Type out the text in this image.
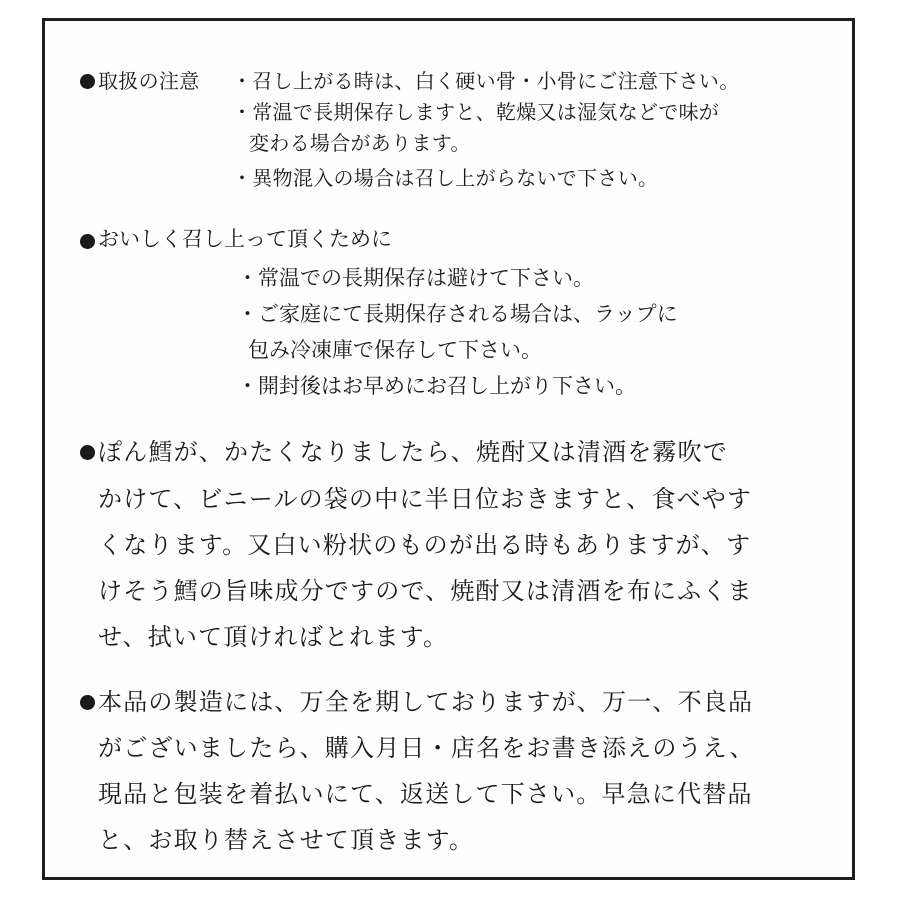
取扱の注意 ・召し上がる時は、白く硬い骨・小骨にご注意下さい。
・常温で長期保存しますと、乾燥又は湿気などで味が
変わる場合があります。
・異物混入の場合は召し上がらないで下さい。
おいしく召し上って頂くために
・常温での長期保存は避けて下さい。
・ご家庭にて長期保存される場合は、ラップに
包み冷凍庫で保存して下さい。
・開封後はお早めにお召し上がり下さい。
ぽん鱈が、かたくなりましたら、焼酎又は清酒を霧吹で
かけて、ビニールの袋の中に半日位おきますと、食べやす
くなります。又白い粉状のものが出る時もありますが、す
けそう鱈の旨味成分ですので、焼酎又は清酒を布にふくま
せ、拭いて頂ければとれます。
本品の製造には、万全を期しておりますが、万一、不良品
がございましたら、購入月日・店名をお書き添えのうえ、
現品と包装を着払いにて、返送して下さい。早急に代替品
と、お取り替えさせて頂きます。
